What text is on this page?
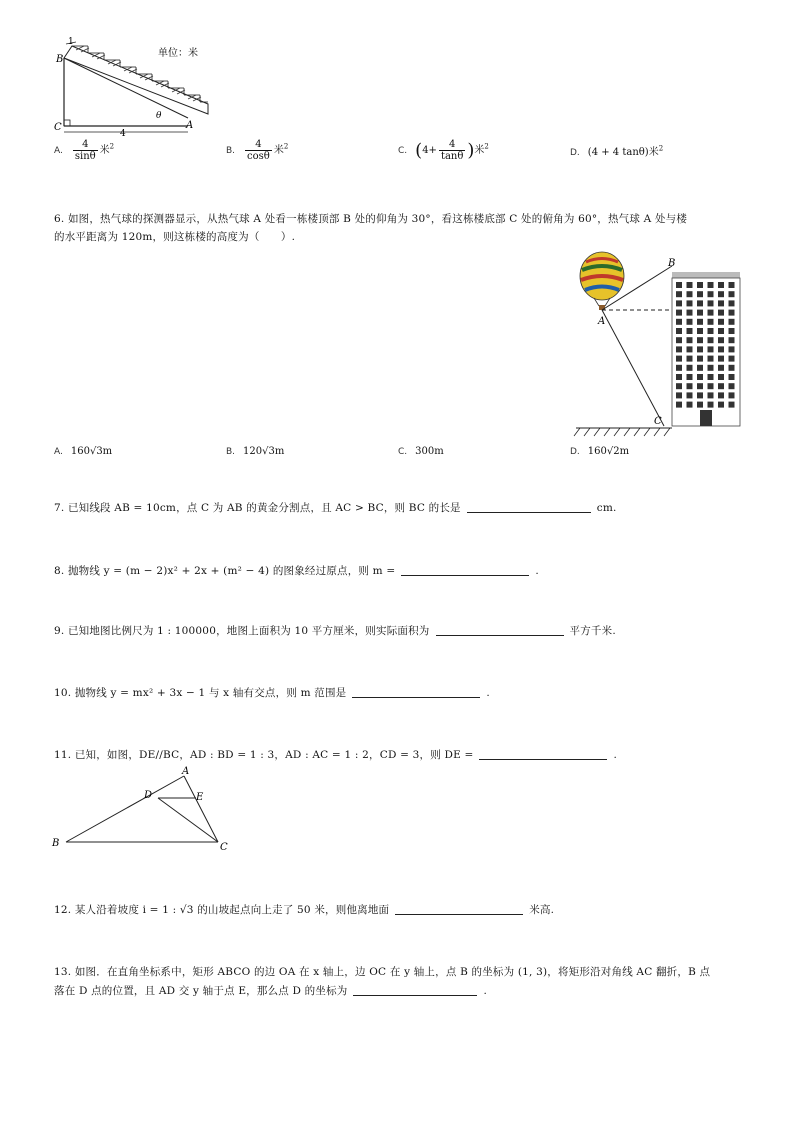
B
C	A
1
4
θ
单位：米
A. $\frac{4}{\sin\theta}$ 米$^2$	B. $\frac{4}{\cos\theta}$ 米$^2$	C. ($4+ \frac{4}{\tan\theta}$ )米$^2$
D. (4 + 4 tanθ)米$^2$
6. 如图，热气球的探测器显示，从热气球 A 处看一栋楼顶部 B 处的仰角为 30°，看这栋楼底部 C 处的俯角为 60°，热气球 A 处与楼
的水平距离为 120m，则这栋楼的高度为（　　）.
A
B
C
A. 160√3m	B. 120√3m	C. 300m	D. 160√2m
7. 已知线段 AB = 10cm，点 C 为 AB 的黄金分割点，且 AC > BC，则 BC 的长是	cm.
8. 抛物线 y = (m − 2)x² + 2x + (m² − 4) 的图象经过原点，则 m =	.
9. 已知地图比例尺为 1 : 100000，地图上面积为 10 平方厘米，则实际面积为	平方千米.
10. 抛物线 y = mx² + 3x − 1 与 x 轴有交点，则 m 范围是	.
11. 已知，如图，DE//BC，AD : BD = 1 : 3，AD : AC = 1 : 2，CD = 3，则 DE =	.
A
D	E
B	C
12. 某人沿着坡度 i = 1 : √3 的山坡起点向上走了 50 米，则他离地面	米高.
13. 如图．在直角坐标系中，矩形 ABCO 的边 OA 在 x 轴上，边 OC 在 y 轴上，点 B 的坐标为 (1, 3)，将矩形沿对角线 AC 翻折，B 点
落在 D 点的位置，且 AD 交 y 轴于点 E，那么点 D 的坐标为	.
